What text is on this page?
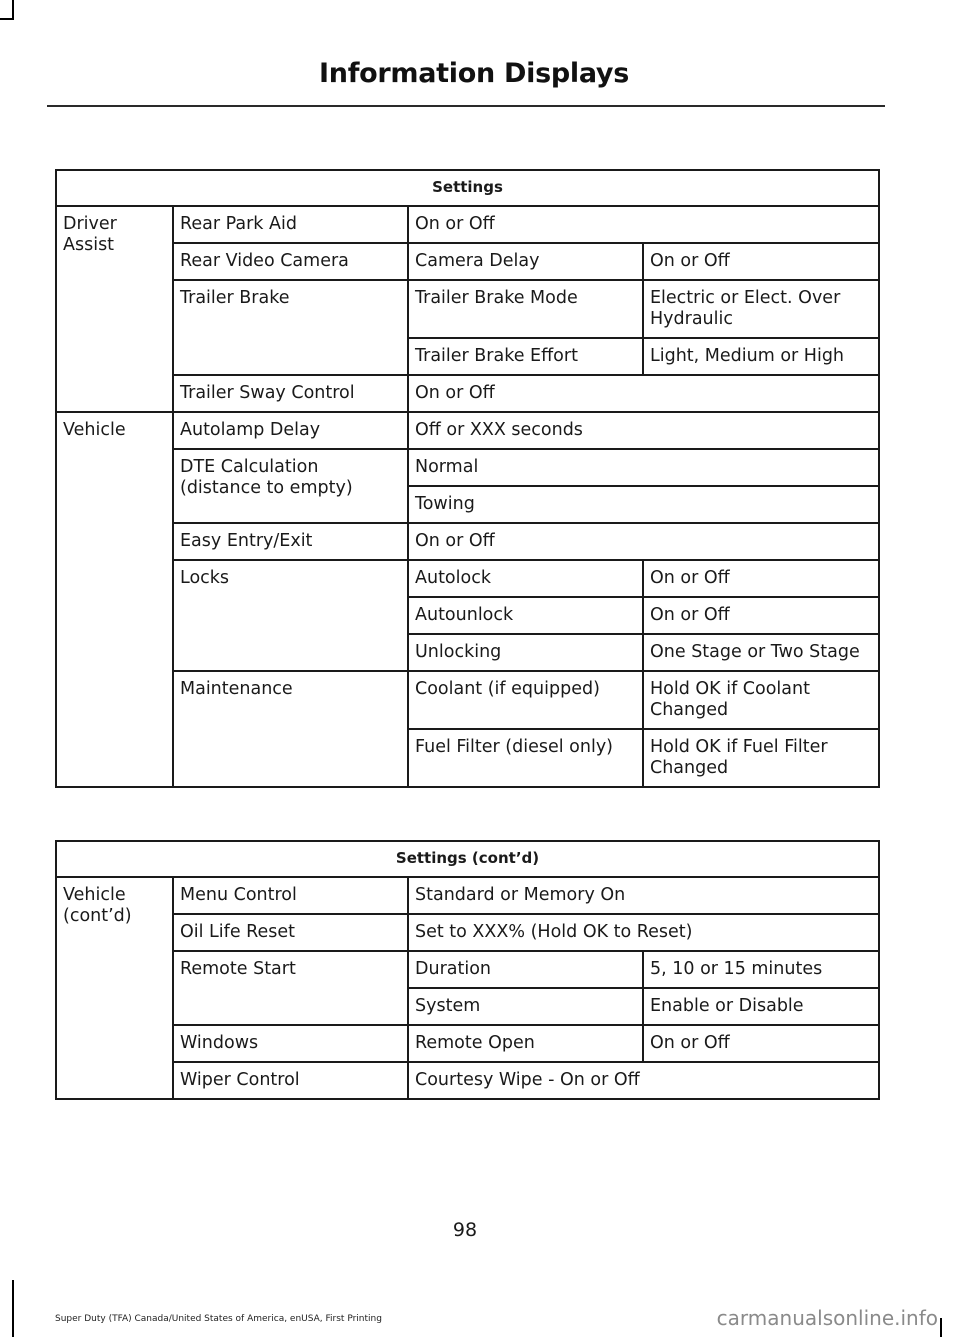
Information Displays
Settings			
Driver Assist	Rear Park Aid	On or Off	
	Rear Video Camera	Camera Delay	On or Off
	Trailer Brake	Trailer Brake Mode	Electric or Elect. Over Hydraulic
		Trailer Brake Effort	Light, Medium or High
	Trailer Sway Control	On or Off	
Vehicle	Autolamp Delay	Off or XXX seconds	
	DTE Calculation (distance to empty)	Normal	
		Towing	
	Easy Entry/Exit	On or Off	
	Locks	Autolock	On or Off
		Autounlock	On or Off
		Unlocking	One Stage or Two Stage
	Maintenance	Coolant (if equipped)	Hold OK if Coolant Changed
		Fuel Filter (diesel only)	Hold OK if Fuel Filter Changed
Settings (cont’d)			
Vehicle (cont’d)	Menu Control	Standard or Memory On	
	Oil Life Reset	Set to XXX% (Hold OK to Reset)	
	Remote Start	Duration	5, 10 or 15 minutes
		System	Enable or Disable
	Windows	Remote Open	On or Off
	Wiper Control	Courtesy Wipe - On or Off	
98
Super Duty (TFA) Canada/United States of America, enUSA, First Printing	carmanualsonline.info
